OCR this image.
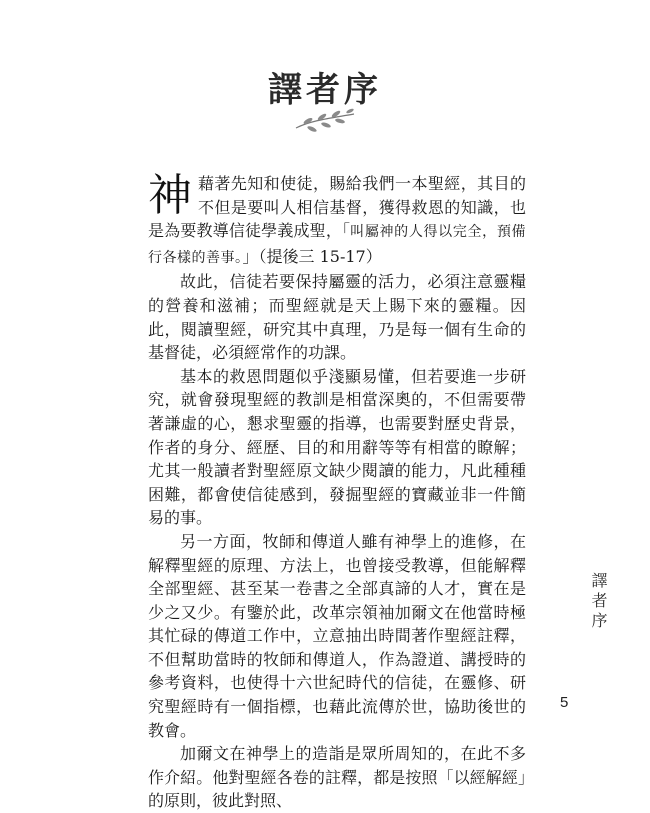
譯者序

神藉著先知和使徒，賜給我們一本聖經，其目的不但是要叫人相信基督，獲得救恩的知識，也是為要教導信徒學義成聖，「叫屬神的人得以完全，預備行各樣的善事。」（提後三 15-17）

故此，信徒若要保持屬靈的活力，必須注意靈糧的營養和滋補；而聖經就是天上賜下來的靈糧。因此，閱讀聖經，研究其中真理，乃是每一個有生命的基督徒，必須經常作的功課。

基本的救恩問題似乎淺顯易懂，但若要進一步研究，就會發現聖經的教訓是相當深奧的，不但需要帶著謙虛的心，懇求聖靈的指導，也需要對歷史背景，作者的身分、經歷、目的和用辭等等有相當的瞭解；尤其一般讀者對聖經原文缺少閱讀的能力，凡此種種困難，都會使信徒感到，發掘聖經的寶藏並非一件簡易的事。

另一方面，牧師和傳道人雖有神學上的進修，在解釋聖經的原理、方法上，也曾接受教導，但能解釋全部聖經、甚至某一卷書之全部真諦的人才，實在是少之又少。有鑒於此，改革宗領袖加爾文在他當時極其忙碌的傳道工作中，立意抽出時間著作聖經註釋，不但幫助當時的牧師和傳道人，作為證道、講授時的參考資料，也使得十六世紀時代的信徒，在靈修、研究聖經時有一個指標，也藉此流傳於世，協助後世的教會。

加爾文在神學上的造詣是眾所周知的，在此不多作介紹。他對聖經各卷的註釋，都是按照「以經解經」的原則，彼此對照、

譯者序
5
